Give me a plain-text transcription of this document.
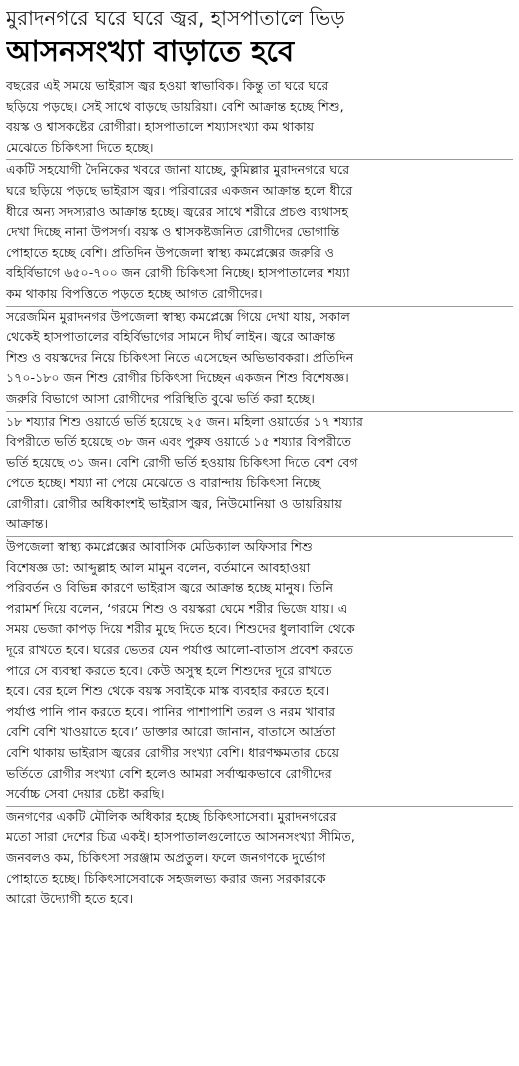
মুরাদনগরে ঘরে ঘরে জ্বর, হাসপাতালে ভিড়
আসনসংখ্যা বাড়াতে হবে
বছরের এই সময়ে ভাইরাস জ্বর হওয়া স্বাভাবিক। কিন্তু তা ঘরে ঘরে
ছড়িয়ে পড়ছে। সেই সাথে বাড়ছে ডায়রিয়া। বেশি আক্রান্ত হচ্ছে শিশু,
বয়স্ক ও শ্বাসকষ্টের রোগীরা। হাসপাতালে শয্যাসংখ্যা কম থাকায়
মেঝেতে চিকিৎসা দিতে হচ্ছে।
একটি সহযোগী দৈনিকের খবরে জানা যাচ্ছে, কুমিল্লার মুরাদনগরে ঘরে
ঘরে ছড়িয়ে পড়ছে ভাইরাস জ্বর। পরিবারের একজন আক্রান্ত হলে ধীরে
ধীরে অন্য সদস্যরাও আক্রান্ত হচ্ছে। জ্বরের সাথে শরীরে প্রচণ্ড ব্যথাসহ
দেখা দিচ্ছে নানা উপসর্গ। বয়স্ক ও শ্বাসকষ্টজনিত রোগীদের ভোগান্তি
পোহাতে হচ্ছে বেশি। প্রতিদিন উপজেলা স্বাস্থ্য কমপ্লেক্সের জরুরি ও
বহির্বিভাগে ৬৫০-৭০০ জন রোগী চিকিৎসা নিচ্ছে। হাসপাতালের শয্যা
কম থাকায় বিপত্তিতে পড়তে হচ্ছে আগত রোগীদের।
সরেজমিন মুরাদনগর উপজেলা স্বাস্থ্য কমপ্লেক্সে গিয়ে দেখা যায়, সকাল
থেকেই হাসপাতালের বহির্বিভাগের সামনে দীর্ঘ লাইন। জ্বরে আক্রান্ত
শিশু ও বয়স্কদের নিয়ে চিকিৎসা নিতে এসেছেন অভিভাবকরা। প্রতিদিন
১৭০-১৮০ জন শিশু রোগীর চিকিৎসা দিচ্ছেন একজন শিশু বিশেষজ্ঞ।
জরুরি বিভাগে আসা রোগীদের পরিস্থিতি বুঝে ভর্তি করা হচ্ছে।
১৮ শয্যার শিশু ওয়ার্ডে ভর্তি হয়েছে ২৫ জন। মহিলা ওয়ার্ডের ১৭ শয্যার
বিপরীতে ভর্তি হয়েছে ৩৮ জন এবং পুরুষ ওয়ার্ডে ১৫ শয্যার বিপরীতে
ভর্তি হয়েছে ৩১ জন। বেশি রোগী ভর্তি হওয়ায় চিকিৎসা দিতে বেশ বেগ
পেতে হচ্ছে। শয্যা না পেয়ে মেঝেতে ও বারান্দায় চিকিৎসা নিচ্ছে
রোগীরা। রোগীর অধিকাংশই ভাইরাস জ্বর, নিউমোনিয়া ও ডায়রিয়ায়
আক্রান্ত।
উপজেলা স্বাস্থ্য কমপ্লেক্সের আবাসিক মেডিক্যাল অফিসার শিশু
বিশেষজ্ঞ ডা: আব্দুল্লাহ আল মামুন বলেন, বর্তমানে আবহাওয়া
পরিবর্তন ও বিভিন্ন কারণে ভাইরাস জ্বরে আক্রান্ত হচ্ছে মানুষ। তিনি
পরামর্শ দিয়ে বলেন, ‘গরমে শিশু ও বয়স্করা ঘেমে শরীর ভিজে যায়। এ
সময় ভেজা কাপড় দিয়ে শরীর মুছে দিতে হবে। শিশুদের ধুলাবালি থেকে
দূরে রাখতে হবে। ঘরের ভেতর যেন পর্যাপ্ত আলো-বাতাস প্রবেশ করতে
পারে সে ব্যবস্থা করতে হবে। কেউ অসুস্থ হলে শিশুদের দূরে রাখতে
হবে। বের হলে শিশু থেকে বয়স্ক সবাইকে মাস্ক ব্যবহার করতে হবে।
পর্যাপ্ত পানি পান করতে হবে। পানির পাশাপাশি তরল ও নরম খাবার
বেশি বেশি খাওয়াতে হবে।’ ডাক্তার আরো জানান, বাতাসে আর্দ্রতা
বেশি থাকায় ভাইরাস জ্বরের রোগীর সংখ্যা বেশি। ধারণক্ষমতার চেয়ে
ভর্তিতে রোগীর সংখ্যা বেশি হলেও আমরা সর্বাত্মকভাবে রোগীদের
সর্বোচ্চ সেবা দেয়ার চেষ্টা করছি।
জনগণের একটি মৌলিক অধিকার হচ্ছে চিকিৎসাসেবা। মুরাদনগরের
মতো সারা দেশের চিত্র একই। হাসপাতালগুলোতে আসনসংখ্যা সীমিত,
জনবলও কম, চিকিৎসা সরঞ্জাম অপ্রতুল। ফলে জনগণকে দুর্ভোগ
পোহাতে হচ্ছে। চিকিৎসাসেবাকে সহজলভ্য করার জন্য সরকারকে
আরো উদ্যোগী হতে হবে।
